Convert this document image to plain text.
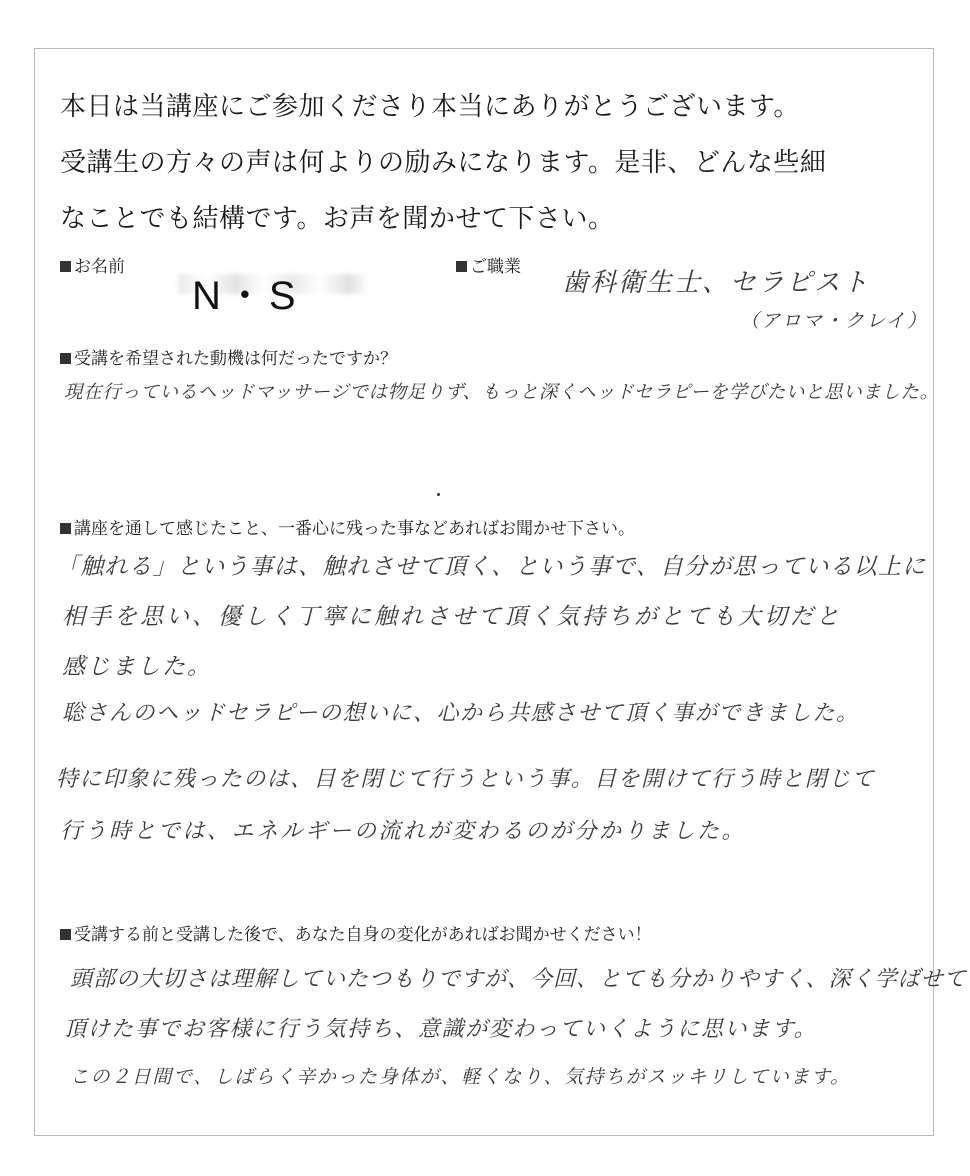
本日は当講座にご参加くださり本当にありがとうございます。
受講生の方々の声は何よりの励みになります。是非、どんな些細
なことでも結構です。お声を聞かせて下さい。
お名前
N・S
ご職業
歯科衛生士、セラピスト
（アロマ・クレイ）
受講を希望された動機は何だったですか？
現在行っているヘッドマッサージでは物足りず、もっと深くヘッドセラピーを学びたいと思いました。
講座を通して感じたこと、一番心に残った事などあればお聞かせ下さい。
「触れる」という事は、触れさせて頂く、という事で、自分が思っている以上に
相手を思い、優しく丁寧に触れさせて頂く気持ちがとても大切だと
感じました。
聡さんのヘッドセラピーの想いに、心から共感させて頂く事ができました。
特に印象に残ったのは、目を閉じて行うという事。目を開けて行う時と閉じて
行う時とでは、エネルギーの流れが変わるのが分かりました。
受講する前と受講した後で、あなた自身の変化があればお聞かせください！
頭部の大切さは理解していたつもりですが、今回、とても分かりやすく、深く学ばせて
頂けた事でお客様に行う気持ち、意識が変わっていくように思います。
この２日間で、しばらく辛かった身体が、軽くなり、気持ちがスッキリしています。
